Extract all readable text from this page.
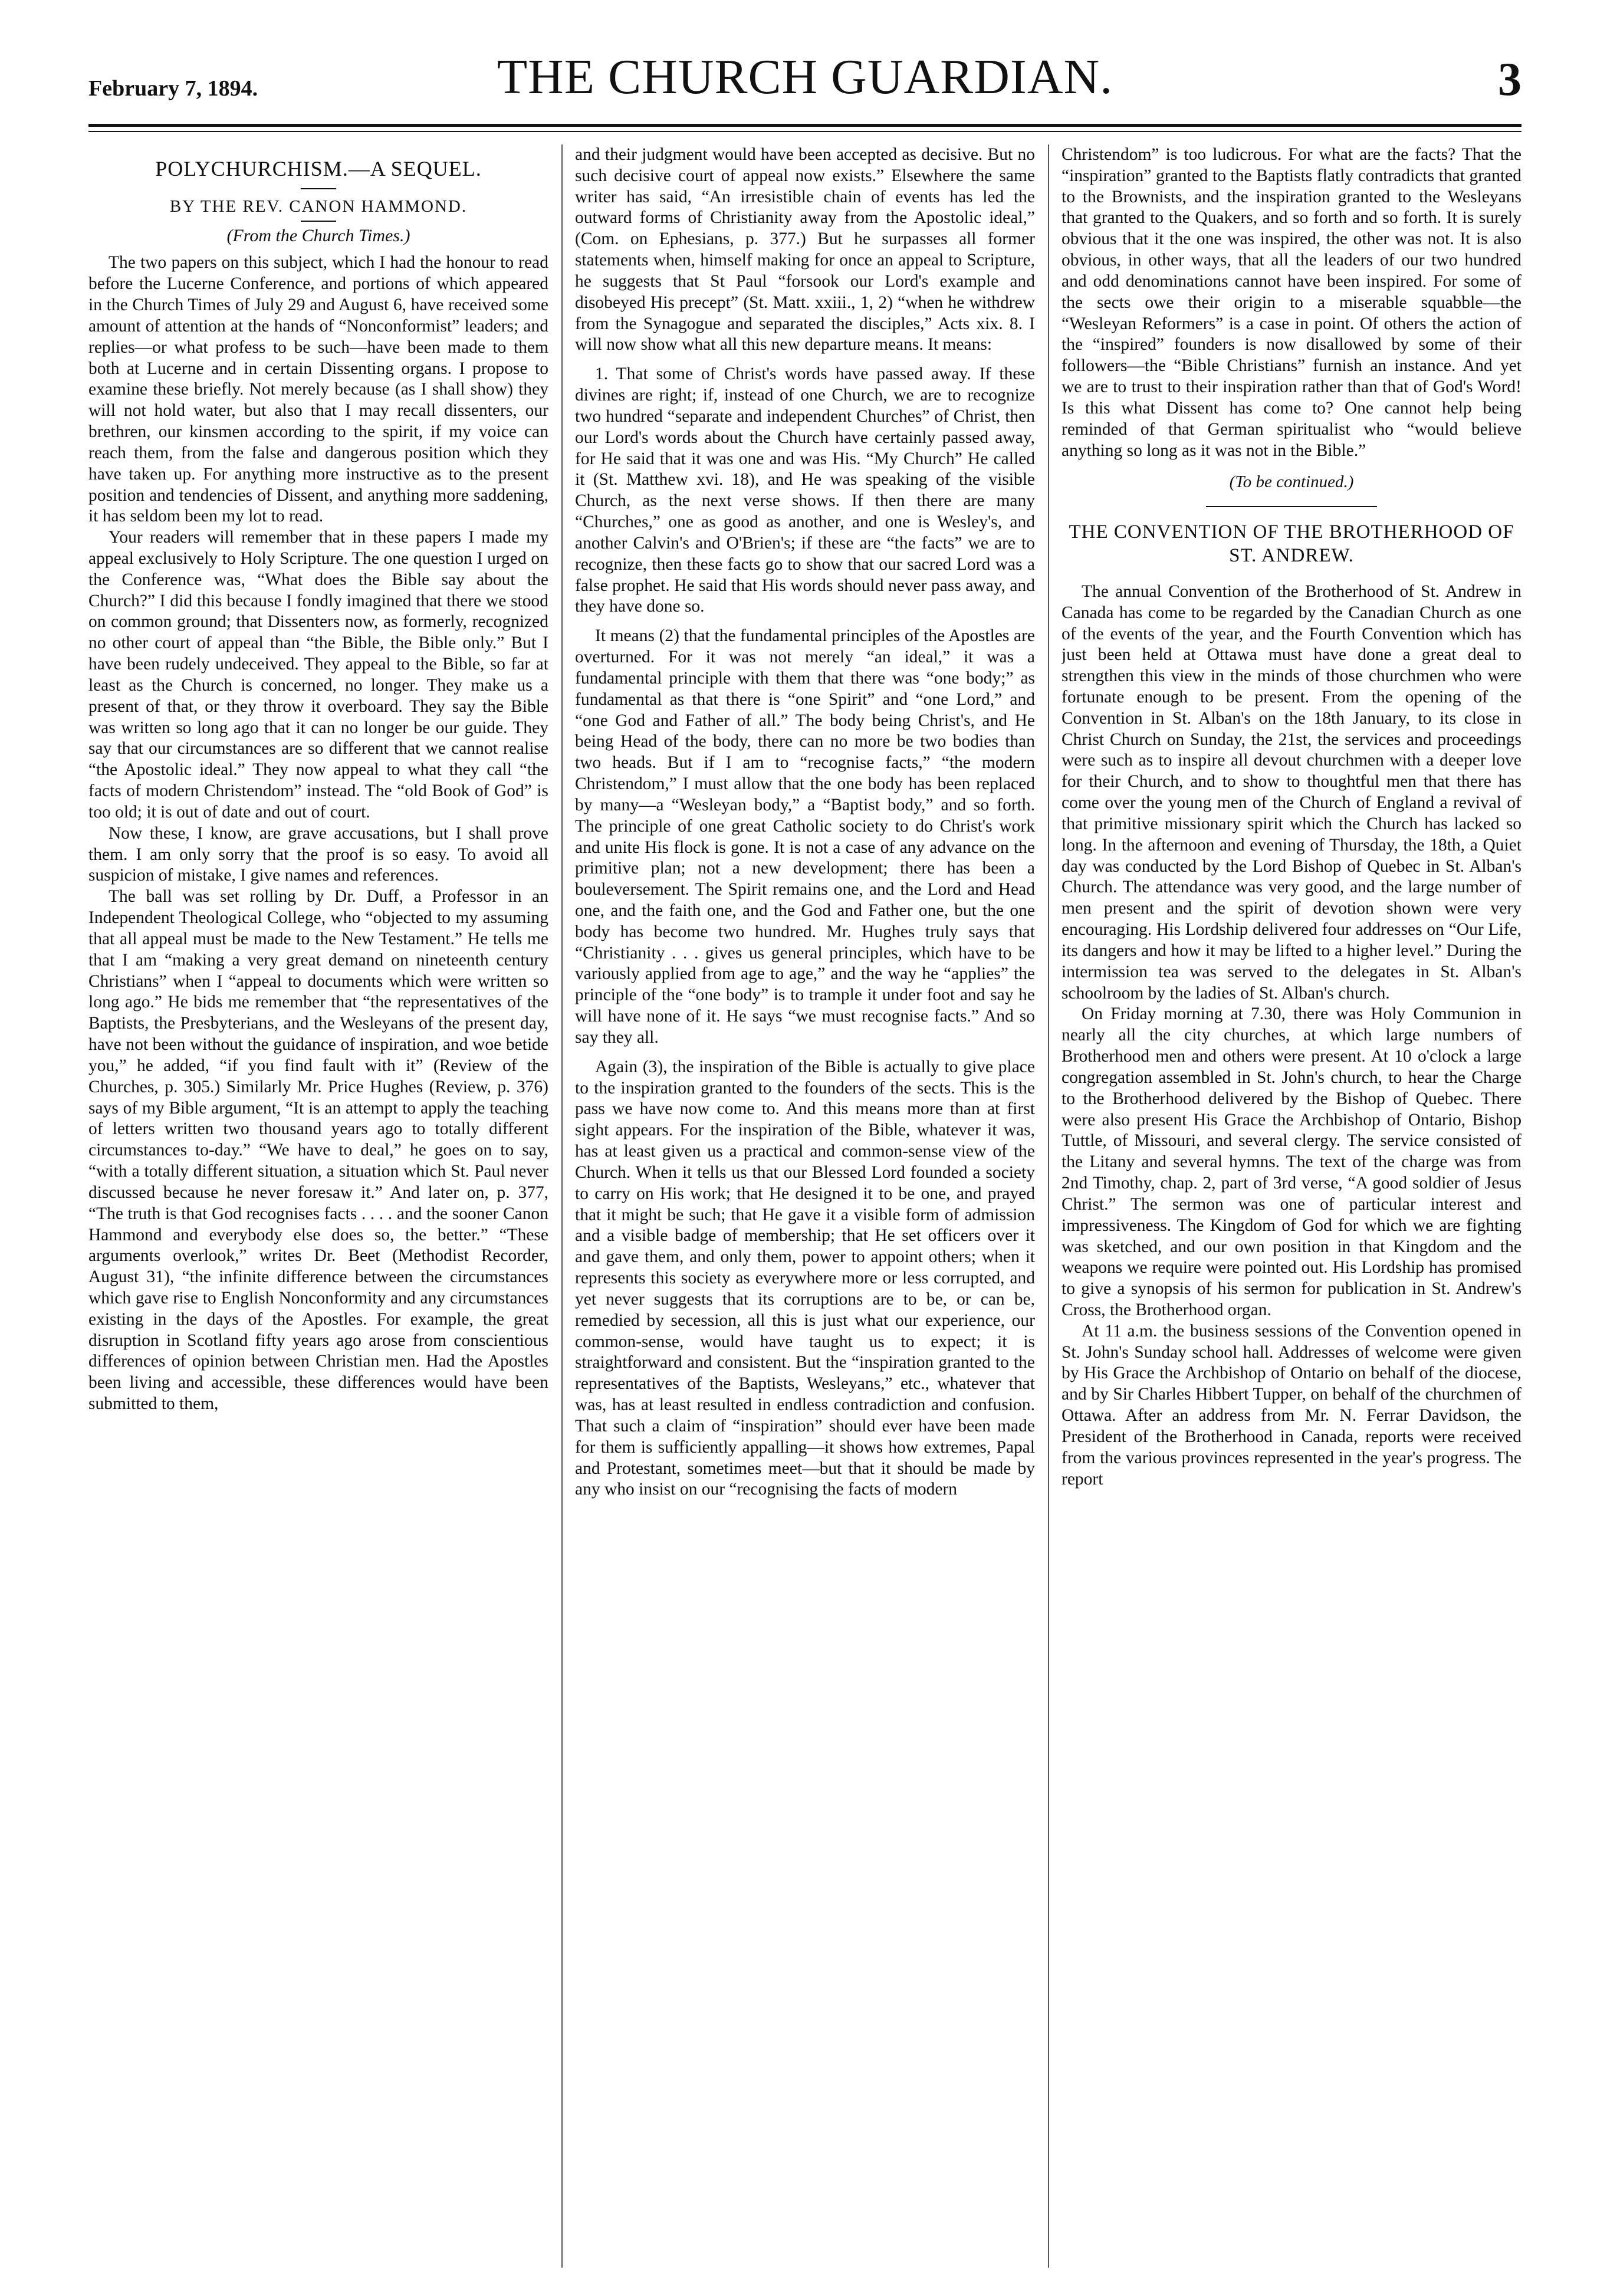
February 7, 1894.	THE CHURCH GUARDIAN.	3
POLYCHURCHISM.—A SEQUEL.
BY THE REV. CANON HAMMOND.
(From the Church Times.)

The two papers on this subject, which I had the honour to read before the Lucerne Conference, and portions of which appeared in the Church Times of July 29 and August 6, have received some amount of attention at the hands of “Nonconformist” leaders; and replies—or what profess to be such—have been made to them both at Lucerne and in certain Dissenting organs. I propose to examine these briefly. Not merely because (as I shall show) they will not hold water, but also that I may recall dissenters, our brethren, our kinsmen according to the spirit, if my voice can reach them, from the false and dangerous position which they have taken up. For anything more instructive as to the present position and tendencies of Dissent, and anything more saddening, it has seldom been my lot to read.

Your readers will remember that in these papers I made my appeal exclusively to Holy Scripture. The one question I urged on the Conference was, “What does the Bible say about the Church?” I did this because I fondly imagined that there we stood on common ground; that Dissenters now, as formerly, recognized no other court of appeal than “the Bible, the Bible only.” But I have been rudely undeceived. They appeal to the Bible, so far at least as the Church is concerned, no longer. They make us a present of that, or they throw it overboard. They say the Bible was written so long ago that it can no longer be our guide. They say that our circumstances are so different that we cannot realise “the Apostolic ideal.” They now appeal to what they call “the facts of modern Christendom” instead. The “old Book of God” is too old; it is out of date and out of court.

Now these, I know, are grave accusations, but I shall prove them. I am only sorry that the proof is so easy. To avoid all suspicion of mistake, I give names and references.

The ball was set rolling by Dr. Duff, a Professor in an Independent Theological College, who “objected to my assuming that all appeal must be made to the New Testament.” He tells me that I am “making a very great demand on nineteenth century Christians” when I “appeal to documents which were written so long ago.” He bids me remember that “the representatives of the Baptists, the Presbyterians, and the Wesleyans of the present day, have not been without the guidance of inspiration, and woe betide you,” he added, “if you find fault with it” (Review of the Churches, p. 305.) Similarly Mr. Price Hughes (Review, p. 376) says of my Bible argument, “It is an attempt to apply the teaching of letters written two thousand years ago to totally different circumstances to-day.” “We have to deal,” he goes on to say, “with a totally different situation, a situation which St. Paul never discussed because he never foresaw it.” And later on, p. 377, “The truth is that God recognises facts . . . . and the sooner Canon Hammond and everybody else does so, the better.” “These arguments overlook,” writes Dr. Beet (Methodist Recorder, August 31), “the infinite difference between the circumstances which gave rise to English Nonconformity and any circumstances existing in the days of the Apostles. For example, the great disruption in Scotland fifty years ago arose from conscientious differences of opinion between Christian men. Had the Apostles been living and accessible, these differences would have been submitted to them,

and their judgment would have been accepted as decisive. But no such decisive court of appeal now exists.” Elsewhere the same writer has said, “An irresistible chain of events has led the outward forms of Christianity away from the Apostolic ideal,” (Com. on Ephesians, p. 377.) But he surpasses all former statements when, himself making for once an appeal to Scripture, he suggests that St Paul “forsook our Lord's example and disobeyed His precept” (St. Matt. xxiii., 1, 2) “when he withdrew from the Synagogue and separated the disciples,” Acts xix. 8. I will now show what all this new departure means. It means:

1. That some of Christ's words have passed away. If these divines are right; if, instead of one Church, we are to recognize two hundred “separate and independent Churches” of Christ, then our Lord's words about the Church have certainly passed away, for He said that it was one and was His. “My Church” He called it (St. Matthew xvi. 18), and He was speaking of the visible Church, as the next verse shows. If then there are many “Churches,” one as good as another, and one is Wesley's, and another Calvin's and O'Brien's; if these are “the facts” we are to recognize, then these facts go to show that our sacred Lord was a false prophet. He said that His words should never pass away, and they have done so.

It means (2) that the fundamental principles of the Apostles are overturned. For it was not merely “an ideal,” it was a fundamental principle with them that there was “one body;” as fundamental as that there is “one Spirit” and “one Lord,” and “one God and Father of all.” The body being Christ's, and He being Head of the body, there can no more be two bodies than two heads. But if I am to “recognise facts,” “the modern Christendom,” I must allow that the one body has been replaced by many—a “Wesleyan body,” a “Baptist body,” and so forth. The principle of one great Catholic society to do Christ's work and unite His flock is gone. It is not a case of any advance on the primitive plan; not a new development; there has been a bouleversement. The Spirit remains one, and the Lord and Head one, and the faith one, and the God and Father one, but the one body has become two hundred. Mr. Hughes truly says that “Christianity . . . gives us general principles, which have to be variously applied from age to age,” and the way he “applies” the principle of the “one body” is to trample it under foot and say he will have none of it. He says “we must recognise facts.” And so say they all.

Again (3), the inspiration of the Bible is actually to give place to the inspiration granted to the founders of the sects. This is the pass we have now come to. And this means more than at first sight appears. For the inspiration of the Bible, whatever it was, has at least given us a practical and common-sense view of the Church. When it tells us that our Blessed Lord founded a society to carry on His work; that He designed it to be one, and prayed that it might be such; that He gave it a visible form of admission and a visible badge of membership; that He set officers over it and gave them, and only them, power to appoint others; when it represents this society as everywhere more or less corrupted, and yet never suggests that its corruptions are to be, or can be, remedied by secession, all this is just what our experience, our common-sense, would have taught us to expect; it is straightforward and consistent. But the “inspiration granted to the representatives of the Baptists, Wesleyans,” etc., whatever that was, has at least resulted in endless contradiction and confusion. That such a claim of “inspiration” should ever have been made for them is sufficiently appalling—it shows how extremes, Papal and Protestant, sometimes meet—but that it should be made by any who insist on our “recognising the facts of modern

Christendom” is too ludicrous. For what are the facts? That the “inspiration” granted to the Baptists flatly contradicts that granted to the Brownists, and the inspiration granted to the Wesleyans that granted to the Quakers, and so forth and so forth. It is surely obvious that it the one was inspired, the other was not. It is also obvious, in other ways, that all the leaders of our two hundred and odd denominations cannot have been inspired. For some of the sects owe their origin to a miserable squabble—the “Wesleyan Reformers” is a case in point. Of others the action of the “inspired” founders is now disallowed by some of their followers—the “Bible Christians” furnish an instance. And yet we are to trust to their inspiration rather than that of God's Word! Is this what Dissent has come to? One cannot help being reminded of that German spiritualist who “would believe anything so long as it was not in the Bible.”

(To be continued.)
THE CONVENTION OF THE BROTHERHOOD OF ST. ANDREW.

The annual Convention of the Brotherhood of St. Andrew in Canada has come to be regarded by the Canadian Church as one of the events of the year, and the Fourth Convention which has just been held at Ottawa must have done a great deal to strengthen this view in the minds of those churchmen who were fortunate enough to be present. From the opening of the Convention in St. Alban's on the 18th January, to its close in Christ Church on Sunday, the 21st, the services and proceedings were such as to inspire all devout churchmen with a deeper love for their Church, and to show to thoughtful men that there has come over the young men of the Church of England a revival of that primitive missionary spirit which the Church has lacked so long. In the afternoon and evening of Thursday, the 18th, a Quiet day was conducted by the Lord Bishop of Quebec in St. Alban's Church. The attendance was very good, and the large number of men present and the spirit of devotion shown were very encouraging. His Lordship delivered four addresses on “Our Life, its dangers and how it may be lifted to a higher level.” During the intermission tea was served to the delegates in St. Alban's schoolroom by the ladies of St. Alban's church.

On Friday morning at 7.30, there was Holy Communion in nearly all the city churches, at which large numbers of Brotherhood men and others were present. At 10 o'clock a large congregation assembled in St. John's church, to hear the Charge to the Brotherhood delivered by the Bishop of Quebec. There were also present His Grace the Archbishop of Ontario, Bishop Tuttle, of Missouri, and several clergy. The service consisted of the Litany and several hymns. The text of the charge was from 2nd Timothy, chap. 2, part of 3rd verse, “A good soldier of Jesus Christ.” The sermon was one of particular interest and impressiveness. The Kingdom of God for which we are fighting was sketched, and our own position in that Kingdom and the weapons we require were pointed out. His Lordship has promised to give a synopsis of his sermon for publication in St. Andrew's Cross, the Brotherhood organ.

At 11 a.m. the business sessions of the Convention opened in St. John's Sunday school hall. Addresses of welcome were given by His Grace the Archbishop of Ontario on behalf of the diocese, and by Sir Charles Hibbert Tupper, on behalf of the churchmen of Ottawa. After an address from Mr. N. Ferrar Davidson, the President of the Brotherhood in Canada, reports were received from the various provinces represented in the year's progress. The report
